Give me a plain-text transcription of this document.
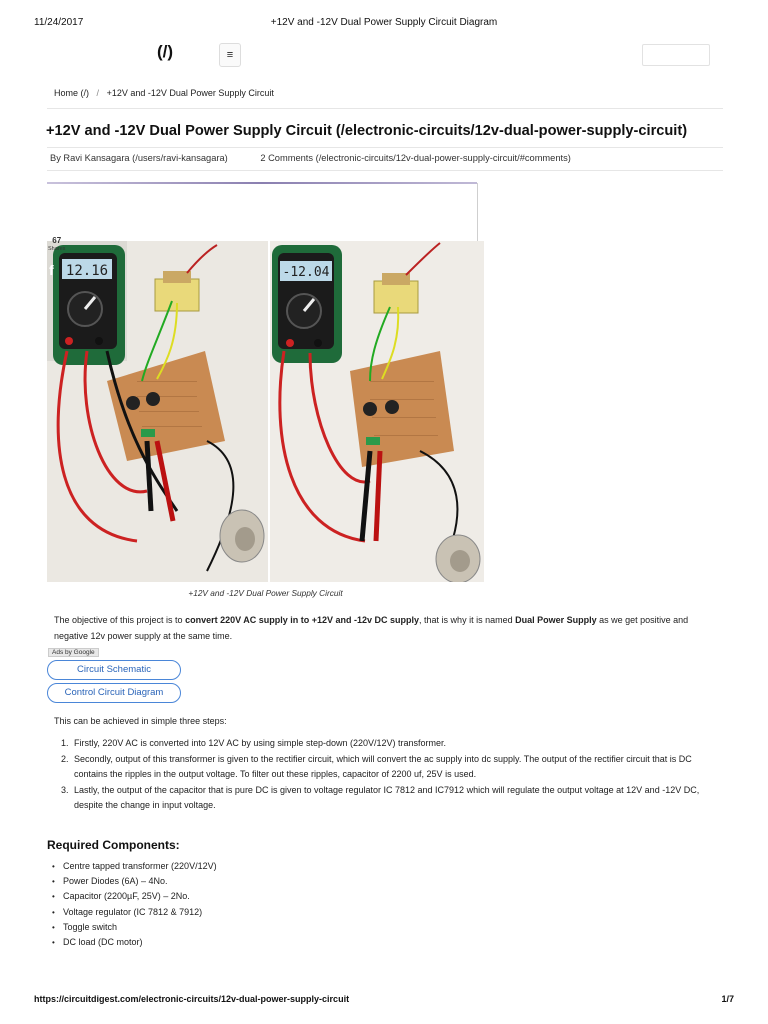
11/24/2017	+12V and -12V Dual Power Supply Circuit Diagram
(/)	≡
Home (/) / +12V and -12V Dual Power Supply Circuit
+12V and -12V Dual Power Supply Circuit (/electronic-circuits/12v-dual-power-supply-circuit)
By Ravi Kansagara (/users/ravi-kansagara)	2 Comments (/electronic-circuits/12v-dual-power-supply-circuit/#comments)
67
Shares
f 12.16	-12.04
+12V and -12V Dual Power Supply Circuit

The objective of this project is to convert 220V AC supply in to +12V and -12v DC supply, that is why it is named Dual Power Supply as we get positive and negative 12v power supply at the same time.

Ads by Google
Circuit Schematic
Control Circuit Diagram

This can be achieved in simple three steps:

1. Firstly, 220V AC is converted into 12V AC by using simple step-down (220V/12V) transformer.
2. Secondly, output of this transformer is given to the rectifier circuit, which will convert the ac supply into dc supply. The output of the rectifier circuit that is DC contains the ripples in the output voltage. To filter out these ripples, capacitor of 2200 uf, 25V is used.
3. Lastly, the output of the capacitor that is pure DC is given to voltage regulator IC 7812 and IC7912 which will regulate the output voltage at 12V and -12V DC, despite the change in input voltage.
Required Components:
• Centre tapped transformer (220V/12V)
• Power Diodes (6A) – 4No.
• Capacitor (2200µF, 25V) – 2No.
• Voltage regulator (IC 7812 & 7912)
• Toggle switch
• DC load (DC motor)
https://circuitdigest.com/electronic-circuits/12v-dual-power-supply-circuit	1/7
